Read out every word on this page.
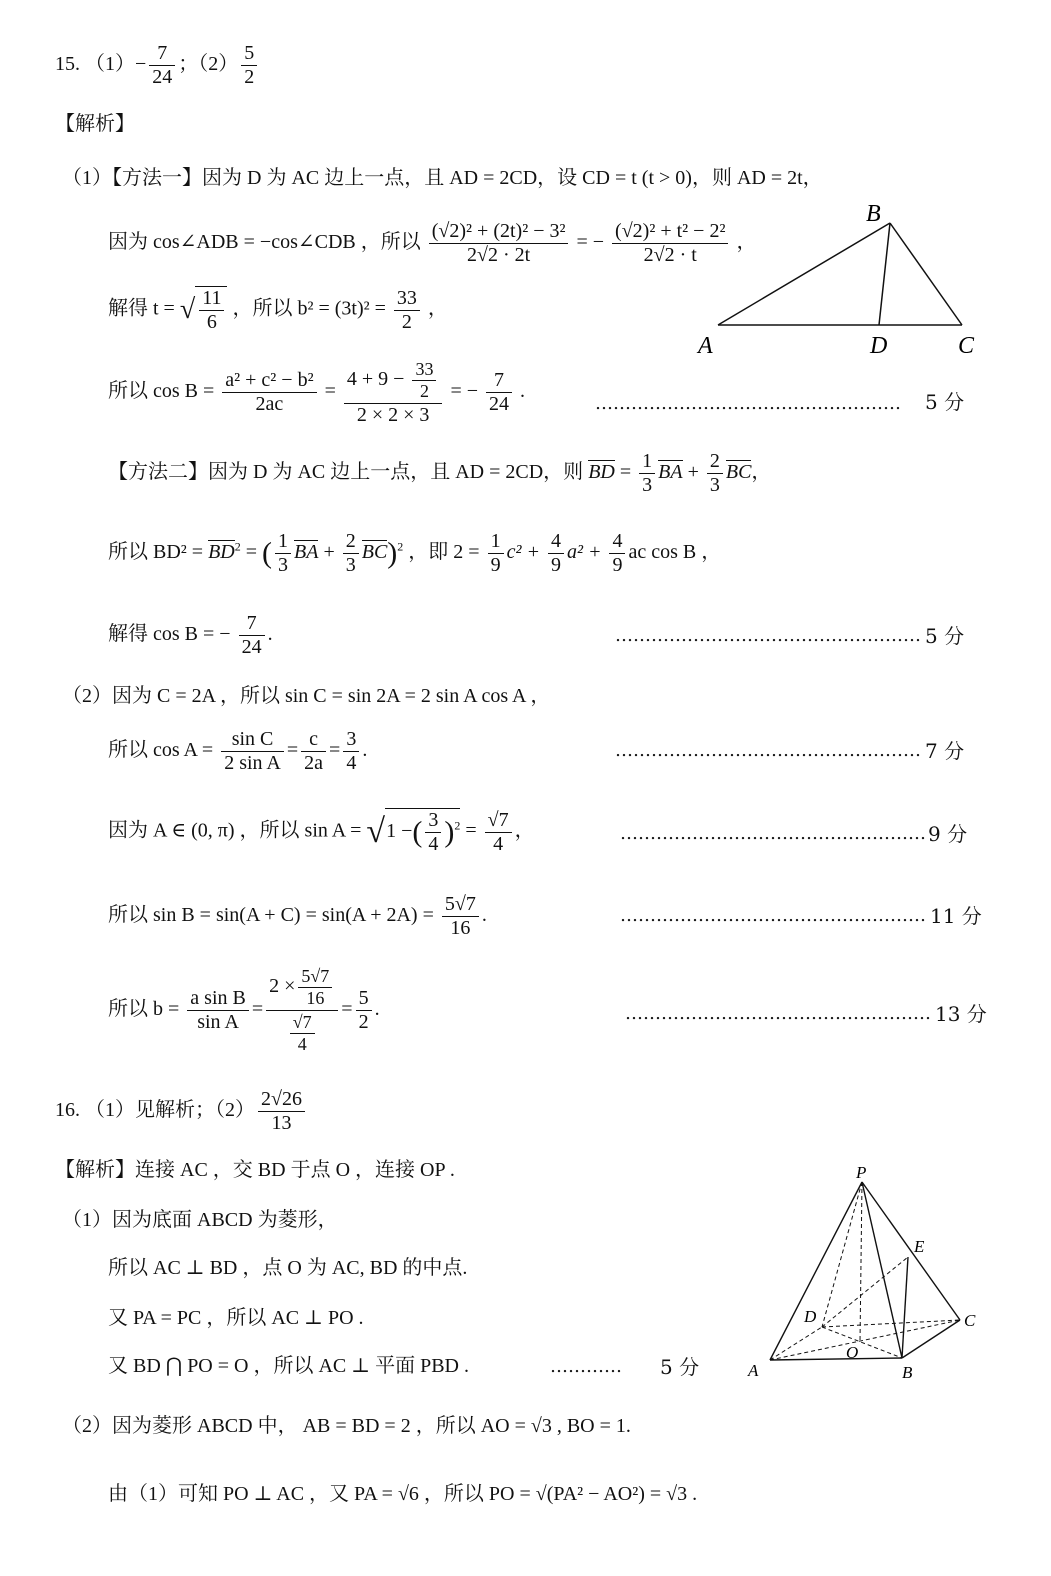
15. $(1)- \frac{7}{24}$ ；$(2) \frac{5}{2}$
【解析】
（1）【方法一】因为 D 为 AC 边上一点，且 AD = 2CD，设 CD = t (t > 0)，则 AD = 2t，
因为 cos∠ADB = −cos∠CDB ，所以 $\frac{\text{(√2)² + (2t)² − 3²}}{2√2 \cdot 2t}$ = − $\frac{\text{(√2)² + t² − 2²}}{2√2 \cdot t}$ ，
解得 t = √ $\frac{11}{6}$ ，所以 $b^2 = (3t)^2 = \frac{33}{2}$ ，
所以 $\cos B = \frac{\text{a² + c² − b²}}{2ac} = \frac{4 + 9 - \frac{33}{2}}{2 \times 2 \times 3}$ = − $\frac{7}{24}$ .
…………………………………………… 5 分
【方法二】因为 D 为 AC 边上一点，且 AD = 2CD，则 BD = $\frac{1}{3}$ BA + $\frac{2}{3}$ BC，
所以 $BD^2 = BD^2$ = ( $\frac{1}{3}$ BA + $\frac{2}{3} BC)^2$ ，即 $2 = \frac{1}{9} c^2 + \frac{4}{9} a^2 + \frac{4}{9}$ ac cos B ，
解得 cos B = − $\frac{7}{24}$ .	…………………………………………… 5 分
（2）因为 C = 2A ，所以 sin C = sin 2A = 2 sin A cos A ，
所以 $\cos A = \frac{\text{sin C}}{\text{2 sin A}} = \frac{c}{2a} = \frac{3}{4}$ .	…………………………………………… 7 分
因为 A ∈ (0, π) ，所以 sin A = √1 −( $\frac{3}{4} )^2 = \frac{√7}{4}$ ，	…………………………………………… 9 分
所以 $\sin B = \sin(A + C) = \sin(A + 2A) = \frac{5√7}{16}$ .	…………………………………………… 11 分
所以 $b = \frac{\text{a sin B}}{\text{sin A}} = \frac{2 \times \frac{5√7}{16}}{\frac{√7}{4}} = \frac{5}{2}$ .	…………………………………………… 13 分
B
A	D	C
16. （1）见解析；$(2) \frac{2√26}{13}$
【解析】连接 AC ，交 BD 于点 O ，连接 OP .
（1）因为底面 ABCD 为菱形，
所以 AC ⊥ BD ，点 O 为 AC, BD 的中点.
又 PA = PC ，所以 AC ⊥ PO .
又 BD ⋂ PO = O ，所以 AC ⊥ 平面 PBD .	………… 5 分
（2）因为菱形 ABCD 中， AB = BD = 2 ，所以 AO = √3 , BO = 1.
由（1）可知 PO ⊥ AC ，又 PA = √6 ，所以 PO = √(PA² − AO²) = √3 .
P
E
D	C
O
A	B
